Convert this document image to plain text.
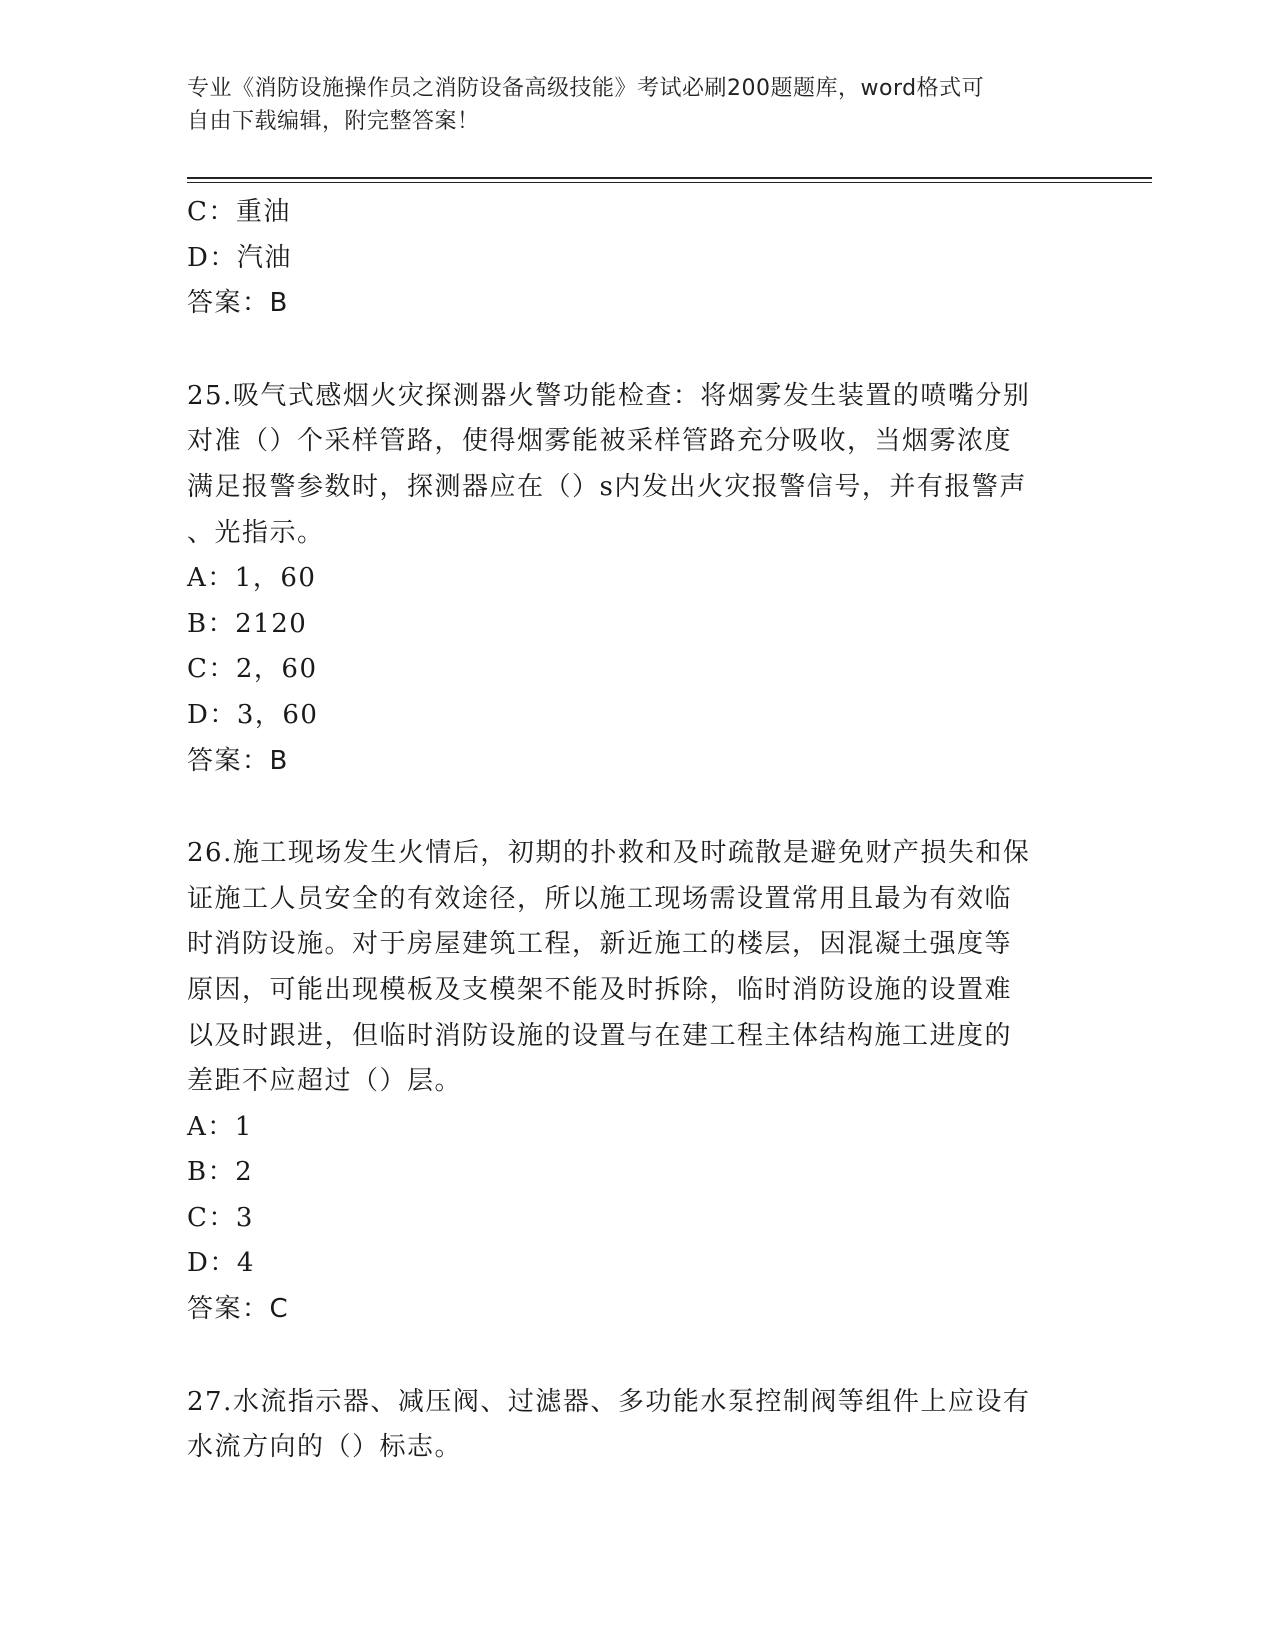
专业《消防设施操作员之消防设备高级技能》考试必刷200题题库，word格式可
自由下载编辑，附完整答案！
C：重油
D：汽油
答案：B
25.吸气式感烟火灾探测器火警功能检查：将烟雾发生装置的喷嘴分别
对准（）个采样管路，使得烟雾能被采样管路充分吸收，当烟雾浓度
满足报警参数时，探测器应在（）s内发出火灾报警信号，并有报警声
、光指示。
A：1，60
B：2120
C：2，60
D：3，60
答案：B
26.施工现场发生火情后，初期的扑救和及时疏散是避免财产损失和保
证施工人员安全的有效途径，所以施工现场需设置常用且最为有效临
时消防设施。对于房屋建筑工程，新近施工的楼层，因混凝土强度等
原因，可能出现模板及支模架不能及时拆除，临时消防设施的设置难
以及时跟进，但临时消防设施的设置与在建工程主体结构施工进度的
差距不应超过（）层。
A：1
B：2
C：3
D：4
答案：C
27.水流指示器、减压阀、过滤器、多功能水泵控制阀等组件上应设有
水流方向的（）标志。
